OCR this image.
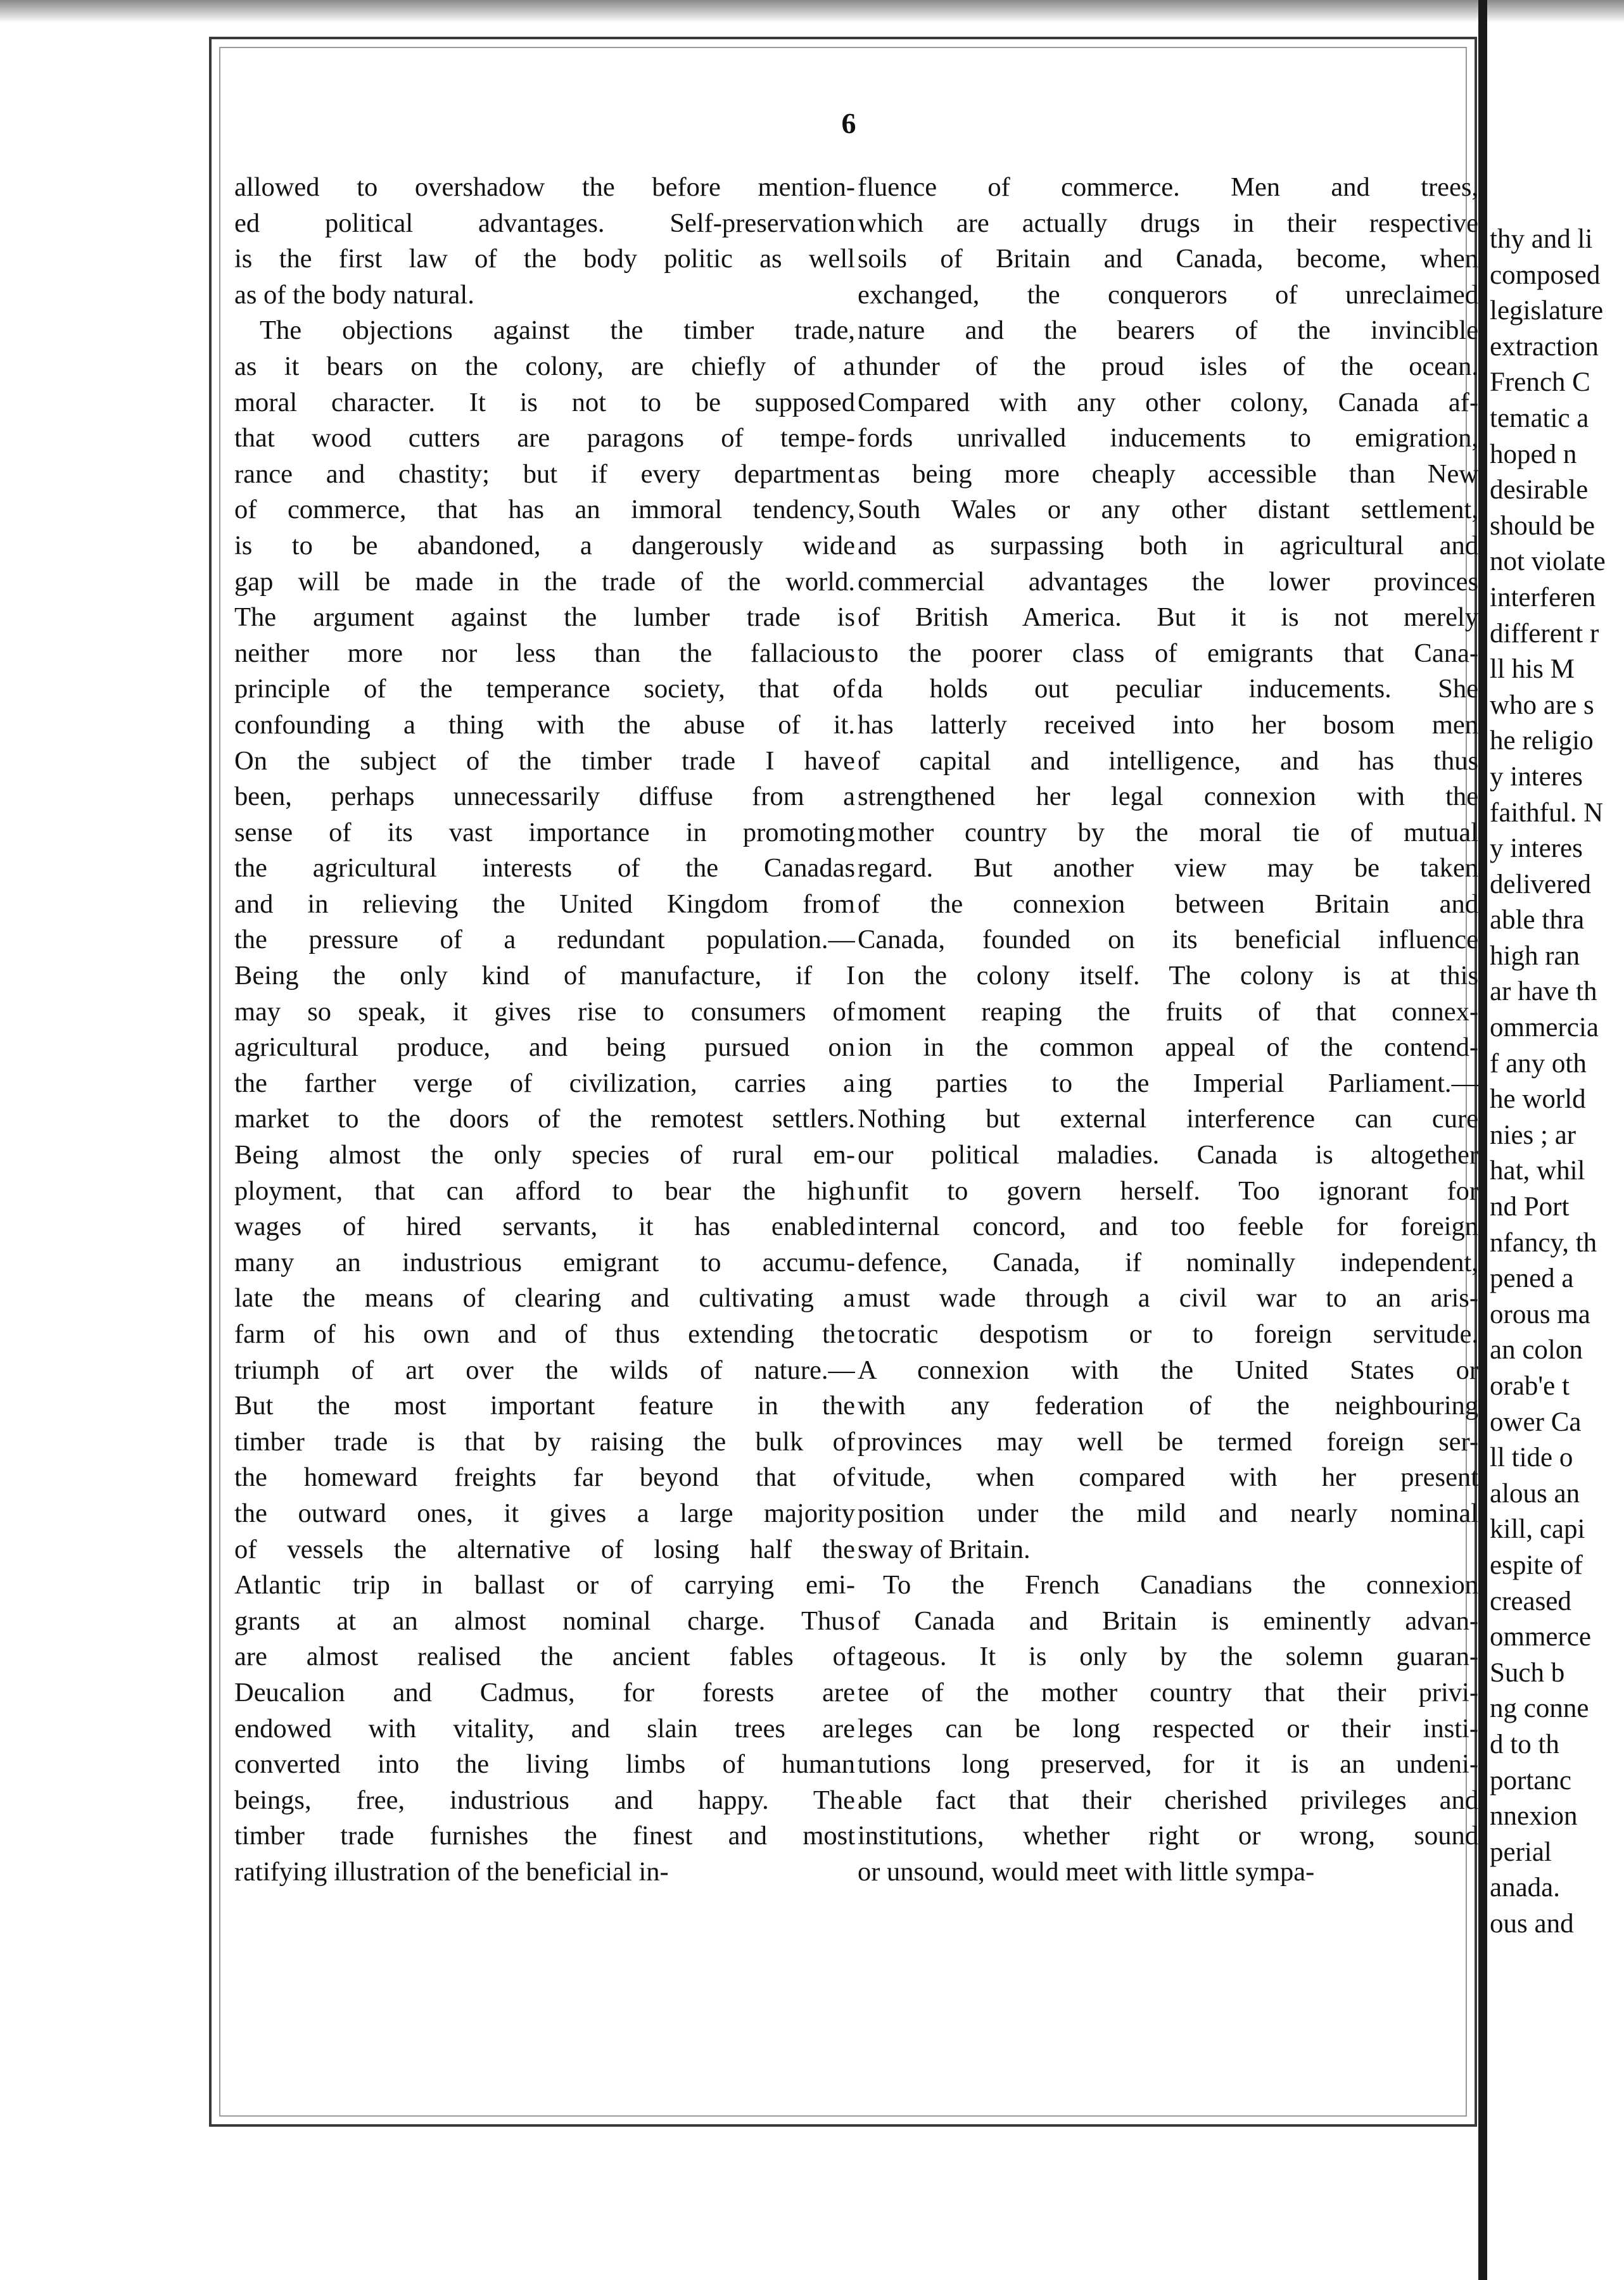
6
allowed to overshadow the before mention-
ed political advantages. Self-preservation
is the first law of the body politic as well
as of the body natural.
The objections against the timber trade,
as it bears on the colony, are chiefly of a
moral character. It is not to be supposed
that wood cutters are paragons of tempe-
rance and chastity; but if every department
of commerce, that has an immoral tendency,
is to be abandoned, a dangerously wide
gap will be made in the trade of the world.
The argument against the lumber trade is
neither more nor less than the fallacious
principle of the temperance society, that of
confounding a thing with the abuse of it.
On the subject of the timber trade I have
been, perhaps unnecessarily diffuse from a
sense of its vast importance in promoting
the agricultural interests of the Canadas
and in relieving the United Kingdom from
the pressure of a redundant population.—
Being the only kind of manufacture, if I
may so speak, it gives rise to consumers of
agricultural produce, and being pursued on
the farther verge of civilization, carries a
market to the doors of the remotest settlers.
Being almost the only species of rural em-
ployment, that can afford to bear the high
wages of hired servants, it has enabled
many an industrious emigrant to accumu-
late the means of clearing and cultivating a
farm of his own and of thus extending the
triumph of art over the wilds of nature.—
But the most important feature in the
timber trade is that by raising the bulk of
the homeward freights far beyond that of
the outward ones, it gives a large majority
of vessels the alternative of losing half the
Atlantic trip in ballast or of carrying emi-
grants at an almost nominal charge. Thus
are almost realised the ancient fables of
Deucalion and Cadmus, for forests are
endowed with vitality, and slain trees are
converted into the living limbs of human
beings, free, industrious and happy. The
timber trade furnishes the finest and most
ratifying illustration of the beneficial in-
fluence of commerce. Men and trees,
which are actually drugs in their respective
soils of Britain and Canada, become, when
exchanged, the conquerors of unreclaimed
nature and the bearers of the invincible
thunder of the proud isles of the ocean.
Compared with any other colony, Canada af-
fords unrivalled inducements to emigration,
as being more cheaply accessible than New
South Wales or any other distant settlement,
and as surpassing both in agricultural and
commercial advantages the lower provinces
of British America. But it is not merely
to the poorer class of emigrants that Cana-
da holds out peculiar inducements. She
has latterly received into her bosom men
of capital and intelligence, and has thus
strengthened her legal connexion with the
mother country by the moral tie of mutual
regard. But another view may be taken
of the connexion between Britain and
Canada, founded on its beneficial influence
on the colony itself. The colony is at this
moment reaping the fruits of that connex-
ion in the common appeal of the contend-
ing parties to the Imperial Parliament.—
Nothing but external interference can cure
our political maladies. Canada is altogether
unfit to govern herself. Too ignorant for
internal concord, and too feeble for foreign
defence, Canada, if nominally independent,
must wade through a civil war to an aris-
tocratic despotism or to foreign servitude.
A connexion with the United States or
with any federation of the neighbouring
provinces may well be termed foreign ser-
vitude, when compared with her present
position under the mild and nearly nominal
sway of Britain.
To the French Canadians the connexion
of Canada and Britain is eminently advan-
tageous. It is only by the solemn guaran-
tee of the mother country that their privi-
leges can be long respected or their insti-
tutions long preserved, for it is an undeni-
able fact that their cherished privileges and
institutions, whether right or wrong, sound
or unsound, would meet with little sympa-
thy and li
composed
legislature
extraction
French C
tematic a
hoped n
desirable
should be
not violate
interferen
different r
ll his M
who are s
he religio
y interes
faithful. N
y interes
delivered
able thra
high ran
ar have th
ommercia
f any oth
he world
nies ; ar
hat, whil
nd Port
nfancy, th
pened a
orous ma
an colon
orab'e t
ower Ca
ll tide o
alous an
kill, capi
espite of
creased
ommerce
Such b
ng conne
d to th
portanc
nnexion
perial
anada.
ous and
